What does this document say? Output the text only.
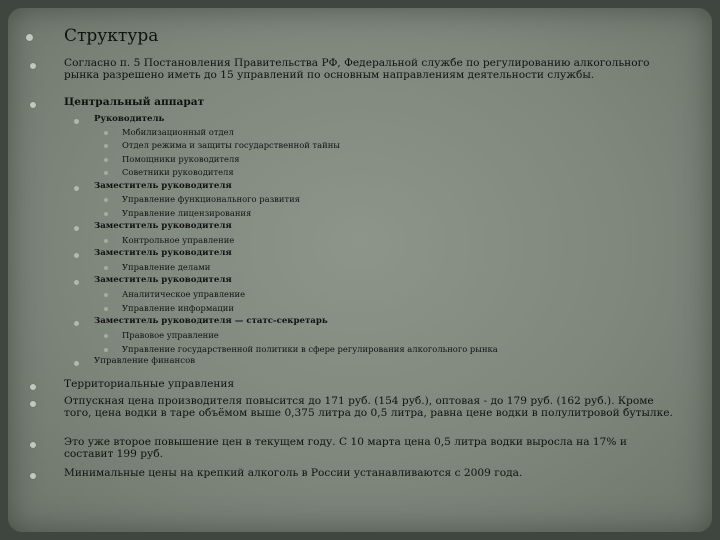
Структура
Согласно п. 5 Постановления Правительства РФ, Федеральной службе по регулированию алкогольного рынка разрешено иметь до 15 управлений по основным направлениям деятельности службы.
Центральный аппарат
Руководитель
Мобилизационный отдел
Отдел режима и защиты государственной тайны
Помощники руководителя
Советники руководителя
Заместитель руководителя
Управление функционального развития
Управление лицензирования
Заместитель руководителя
Контрольное управление
Заместитель руководителя
Управление делами
Заместитель руководителя
Аналитическое управление
Управление информации
Заместитель руководителя — статс-секретарь
Правовое управление
Управление государственной политики в сфере регулирования алкогольного рынка
Управление финансов
Территориальные управления
Отпускная цена производителя повысится до 171 руб. (154 руб.), оптовая - до 179 руб. (162 руб.). Кроме того, цена водки в таре объёмом выше 0,375 литра до 0,5 литра, равна цене водки в полулитровой бутылке.
Это уже второе повышение цен в текущем году. С 10 марта цена 0,5 литра водки выросла на 17% и составит 199 руб.
Минимальные цены на крепкий алкоголь в России устанавливаются с 2009 года.
